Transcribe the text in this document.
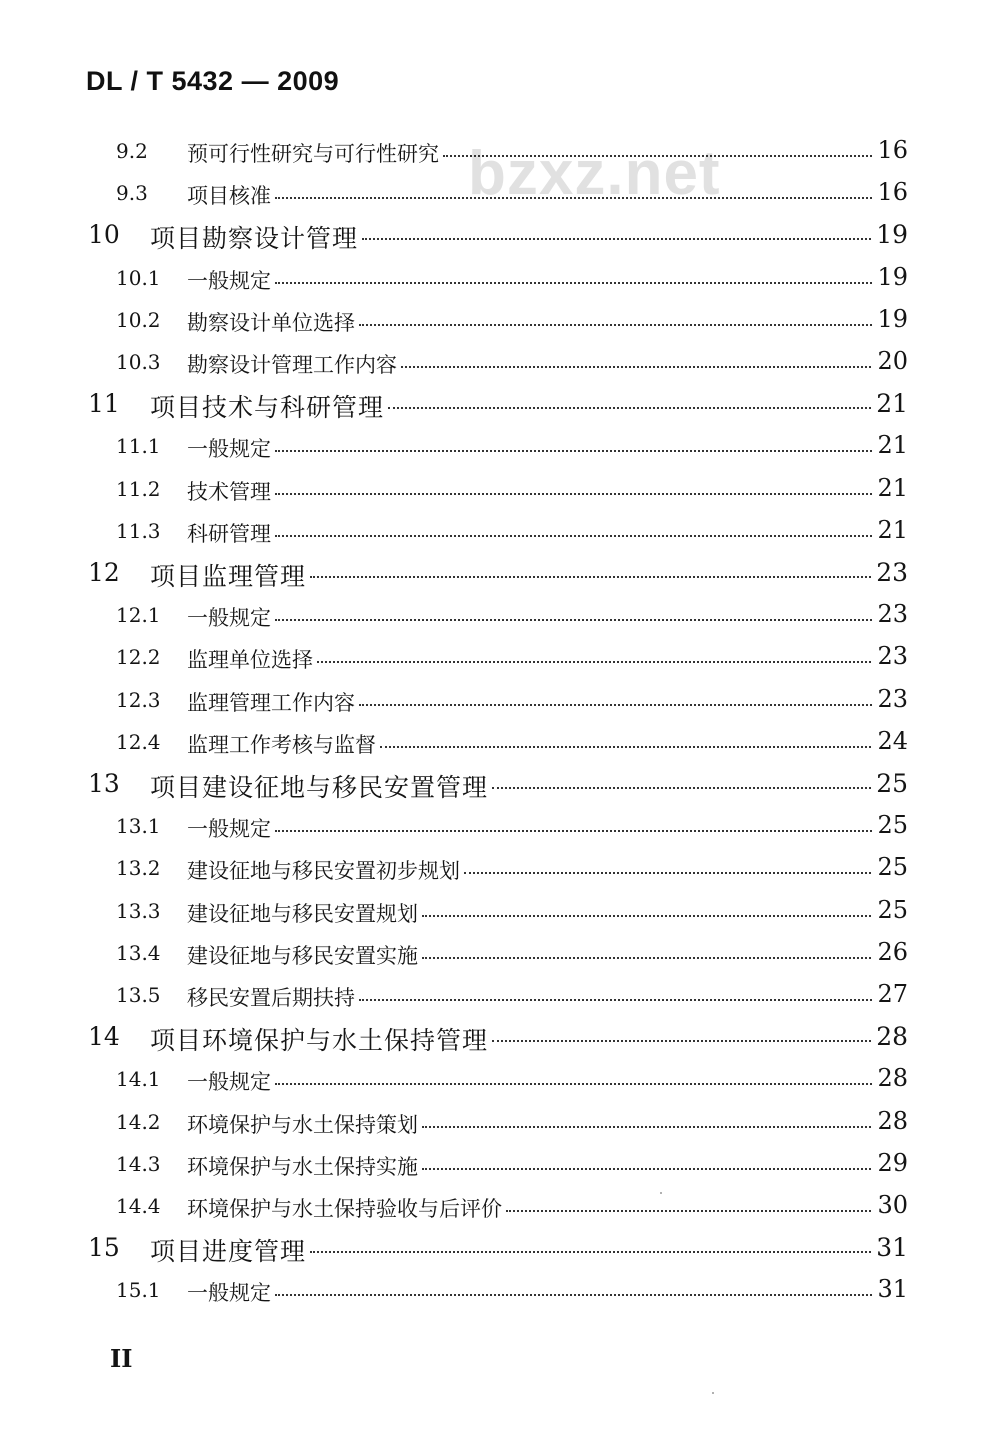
DL / T 5432 — 2009
bzxz.net
9.2 预可行性研究与可行性研究	16
9.3 项目核准	16
10 项目勘察设计管理	19
10.1 一般规定	19
10.2 勘察设计单位选择	19
10.3 勘察设计管理工作内容	20
11 项目技术与科研管理	21
11.1 一般规定	21
11.2 技术管理	21
11.3 科研管理	21
12 项目监理管理	23
12.1 一般规定	23
12.2 监理单位选择	23
12.3 监理管理工作内容	23
12.4 监理工作考核与监督	24
13 项目建设征地与移民安置管理	25
13.1 一般规定	25
13.2 建设征地与移民安置初步规划	25
13.3 建设征地与移民安置规划	25
13.4 建设征地与移民安置实施	26
13.5 移民安置后期扶持	27
14 项目环境保护与水土保持管理	28
14.1 一般规定	28
14.2 环境保护与水土保持策划	28
14.3 环境保护与水土保持实施	29
14.4 环境保护与水土保持验收与后评价	30
15 项目进度管理	31
15.1 一般规定	31
II
